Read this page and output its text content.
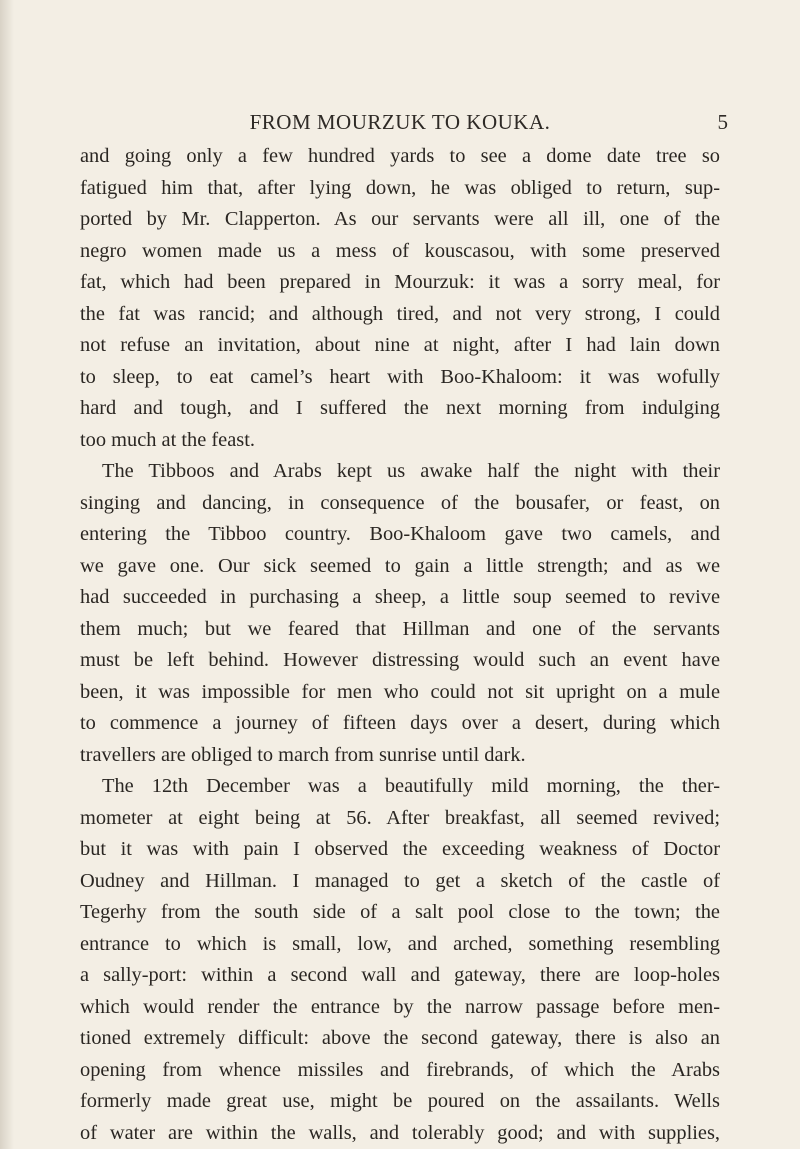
FROM MOURZUK TO KOUKA.	5
and going only a few hundred yards to see a dome date tree so
fatigued him that, after lying down, he was obliged to return, sup-
ported by Mr. Clapperton. As our servants were all ill, one of the
negro women made us a mess of kouscasou, with some preserved
fat, which had been prepared in Mourzuk: it was a sorry meal, for
the fat was rancid; and although tired, and not very strong, I could
not refuse an invitation, about nine at night, after I had lain down
to sleep, to eat camel’s heart with Boo-Khaloom: it was wofully
hard and tough, and I suffered the next morning from indulging
too much at the feast.
The Tibboos and Arabs kept us awake half the night with their
singing and dancing, in consequence of the bousafer, or feast, on
entering the Tibboo country. Boo-Khaloom gave two camels, and
we gave one. Our sick seemed to gain a little strength; and as we
had succeeded in purchasing a sheep, a little soup seemed to revive
them much; but we feared that Hillman and one of the servants
must be left behind. However distressing would such an event have
been, it was impossible for men who could not sit upright on a mule
to commence a journey of fifteen days over a desert, during which
travellers are obliged to march from sunrise until dark.
The 12th December was a beautifully mild morning, the ther-
mometer at eight being at 56. After breakfast, all seemed revived;
but it was with pain I observed the exceeding weakness of Doctor
Oudney and Hillman. I managed to get a sketch of the castle of
Tegerhy from the south side of a salt pool close to the town; the
entrance to which is small, low, and arched, something resembling
a sally-port: within a second wall and gateway, there are loop-holes
which would render the entrance by the narrow passage before men-
tioned extremely difficult: above the second gateway, there is also an
opening from whence missiles and firebrands, of which the Arabs
formerly made great use, might be poured on the assailants. Wells
of water are within the walls, and tolerably good; and with supplies,
